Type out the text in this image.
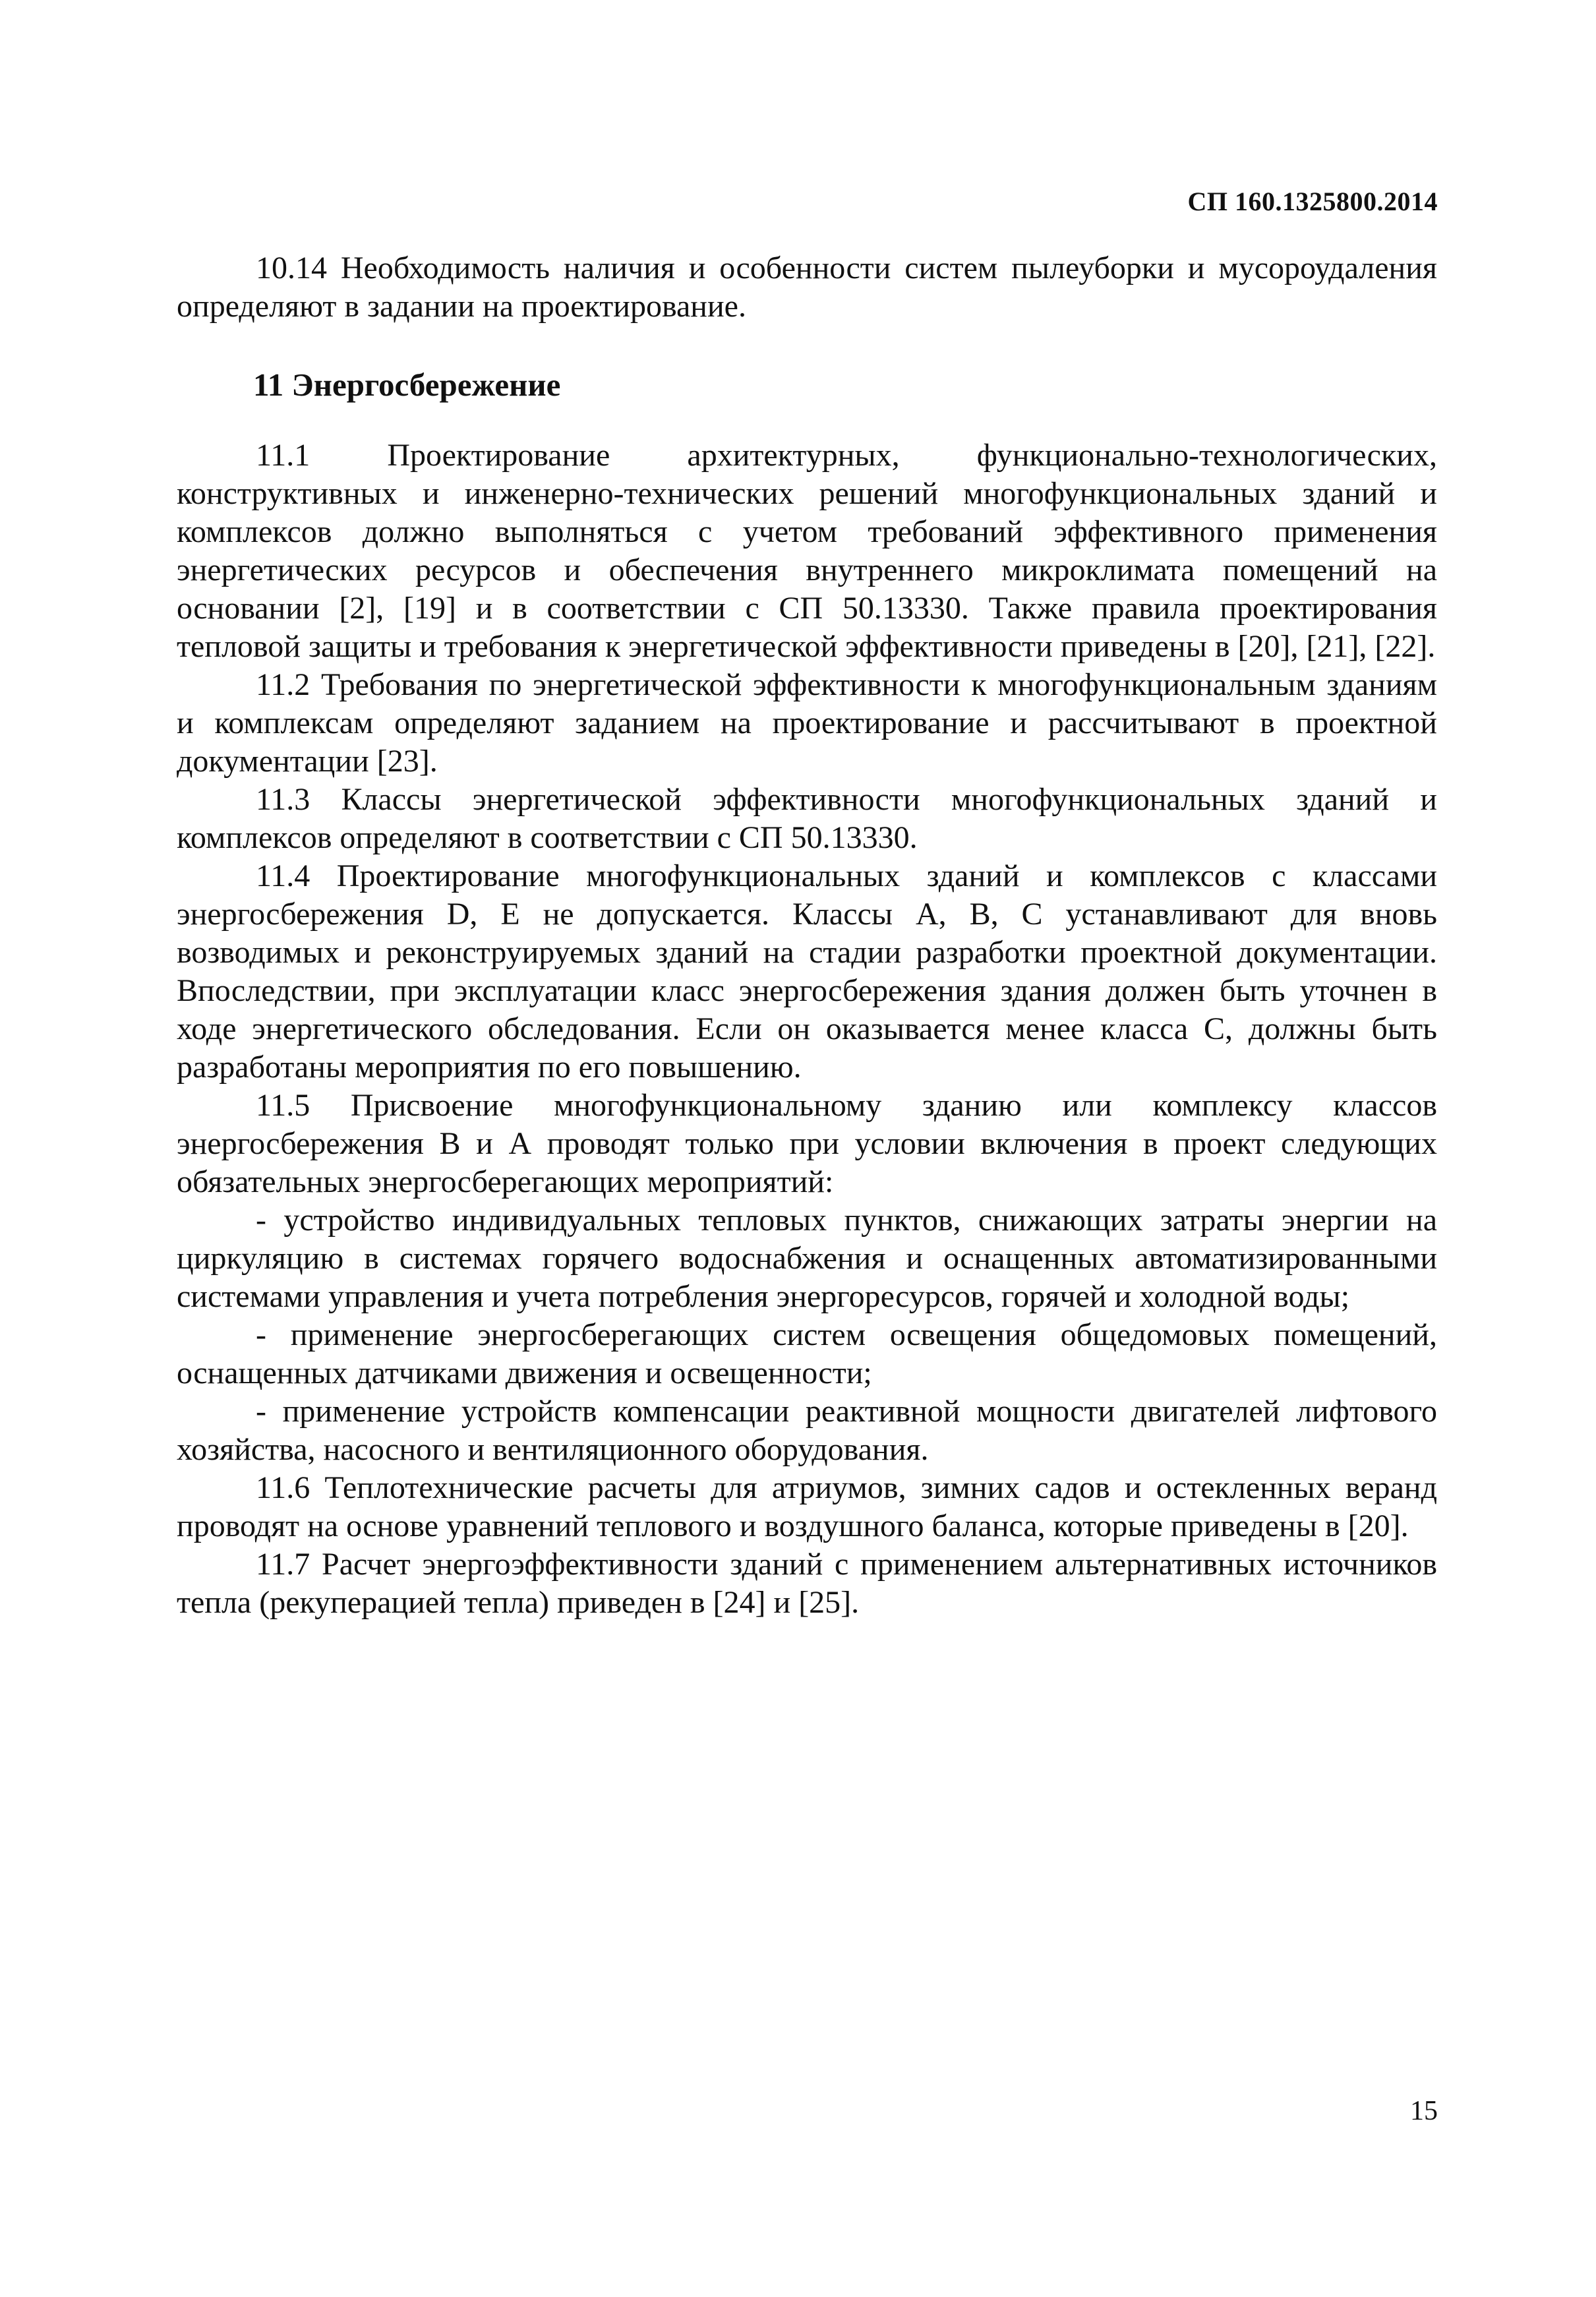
СП 160.1325800.2014

10.14 Необходимость наличия и особенности систем пылеуборки и мусороудаления определяют в задании на проектирование.

11 Энергосбережение

11.1 Проектирование архитектурных, функционально-технологических, конструктивных и инженерно-технических решений многофункциональных зданий и комплексов должно выполняться с учетом требований эффективного применения энергетических ресурсов и обеспечения внутреннего микроклимата помещений на основании [2], [19] и в соответствии с СП 50.13330. Также правила проектирования тепловой защиты и требования к энергетической эффективности приведены в [20], [21], [22].

11.2 Требования по энергетической эффективности к многофункциональным зданиям и комплексам определяют заданием на проектирование и рассчитывают в проектной документации [23].

11.3 Классы энергетической эффективности многофункциональных зданий и комплексов определяют в соответствии с СП 50.13330.

11.4 Проектирование многофункциональных зданий и комплексов с классами энергосбережения D, E не допускается. Классы А, В, С устанавливают для вновь возводимых и реконструируемых зданий на стадии разработки проектной документации. Впоследствии, при эксплуатации класс энергосбережения здания должен быть уточнен в ходе энергетического обследования. Если он оказывается менее класса С, должны быть разработаны мероприятия по его повышению.

11.5 Присвоение многофункциональному зданию или комплексу классов энергосбережения В и А проводят только при условии включения в проект следующих обязательных энергосберегающих мероприятий:

- устройство индивидуальных тепловых пунктов, снижающих затраты энергии на циркуляцию в системах горячего водоснабжения и оснащенных автоматизированными системами управления и учета потребления энергоресурсов, горячей и холодной воды;

- применение энергосберегающих систем освещения общедомовых помещений, оснащенных датчиками движения и освещенности;

- применение устройств компенсации реактивной мощности двигателей лифтового хозяйства, насосного и вентиляционного оборудования.

11.6 Теплотехнические расчеты для атриумов, зимних садов и остекленных веранд проводят на основе уравнений теплового и воздушного баланса, которые приведены в [20].

11.7 Расчет энергоэффективности зданий с применением альтернативных источников тепла (рекуперацией тепла) приведен в [24] и [25].

15
